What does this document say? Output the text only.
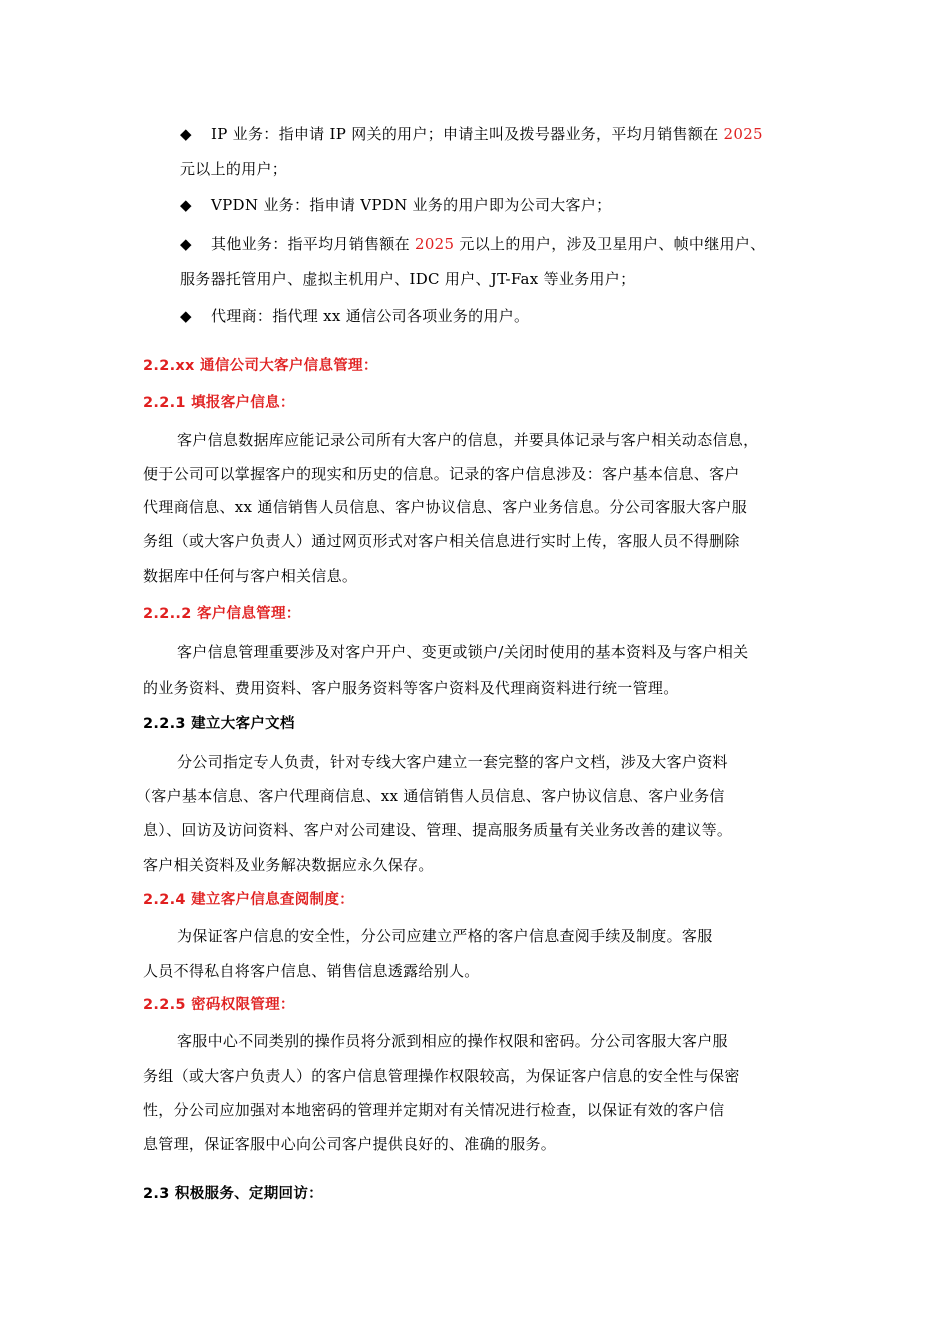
◆ IP 业务：指申请 IP 网关的用户；申请主叫及拨号器业务，平均月销售额在 2025
元以上的用户；
◆ VPDN 业务：指申请 VPDN 业务的用户即为公司大客户；
◆ 其他业务：指平均月销售额在 2025 元以上的用户，涉及卫星用户、帧中继用户、
服务器托管用户、虚拟主机用户、IDC 用户、JT-Fax 等业务用户；
◆ 代理商：指代理 xx 通信公司各项业务的用户。
2.2.xx 通信公司大客户信息管理：
2.2.1 填报客户信息：
客户信息数据库应能记录公司所有大客户的信息，并要具体记录与客户相关动态信息，
便于公司可以掌握客户的现实和历史的信息。记录的客户信息涉及：客户基本信息、客户
代理商信息、xx 通信销售人员信息、客户协议信息、客户业务信息。分公司客服大客户服
务组（或大客户负责人）通过网页形式对客户相关信息进行实时上传，客服人员不得删除
数据库中任何与客户相关信息。
2.2..2 客户信息管理：
客户信息管理重要涉及对客户开户、变更或锁户/关闭时使用的基本资料及与客户相关
的业务资料、费用资料、客户服务资料等客户资料及代理商资料进行统一管理。
2.2.3 建立大客户文档
分公司指定专人负责，针对专线大客户建立一套完整的客户文档，涉及大客户资料
（客户基本信息、客户代理商信息、xx 通信销售人员信息、客户协议信息、客户业务信
息）、回访及访问资料、客户对公司建设、管理、提高服务质量有关业务改善的建议等。
客户相关资料及业务解决数据应永久保存。
2.2.4 建立客户信息查阅制度：
为保证客户信息的安全性，分公司应建立严格的客户信息查阅手续及制度。客服
人员不得私自将客户信息、销售信息透露给别人。
2.2.5 密码权限管理：
客服中心不同类别的操作员将分派到相应的操作权限和密码。分公司客服大客户服
务组（或大客户负责人）的客户信息管理操作权限较高，为保证客户信息的安全性与保密
性，分公司应加强对本地密码的管理并定期对有关情况进行检查，以保证有效的客户信
息管理，保证客服中心向公司客户提供良好的、准确的服务。
2.3 积极服务、定期回访：
